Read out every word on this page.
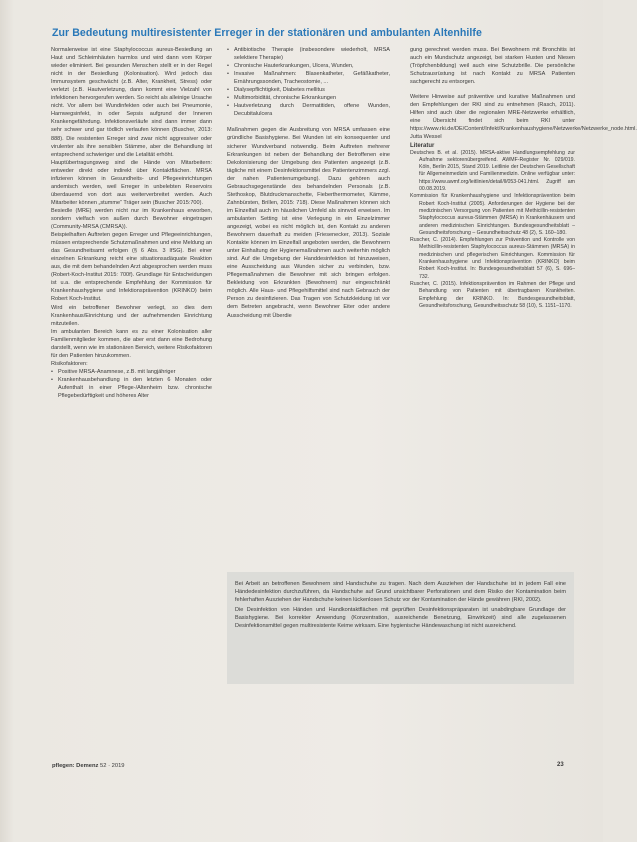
Zur Bedeutung multiresistenter Erreger in der stationären und ambulanten Altenhilfe

Normalerweise ist eine Staphylococcus aureus-Besiedlung an Haut und Schleimhäuten harmlos und wird dann vom Körper wieder eliminiert. Bei gesunden Menschen stellt er in der Regel nicht in der Besiedlung (Kolonisation). Wird jedoch das Immunsystem geschwächt (z.B. Alter, Krankheit, Stress) oder verletzt (z.B. Hautverletzung, dann kommt eine Vielzahl von infektionen hervorgerufen werden. So reicht als alleinige Ursache nicht. Vor allem bei Wundinfekten oder auch bei Pneumonie, Harnwegsinfekt, in oder Sepsis aufgrund der Inneren Krankengefährdung. Infektionsverläufe sind dann immer dann sehr schwer und gar tödlich verlaufen können (Buscher, 2013: 888). Die resistenten Erreger sind zwar nicht aggressiver oder virulenter als ihre sensiblen Stämme, aber die Behandlung ist entsprechend schwieriger und die Letalität erhöht.

Hauptübertragungsweg sind die Hände von Mitarbeitern: entweder direkt oder indirekt über Kontaktflächen. MRSA infizieren können in Gesundheits- und Pflegeeinrichtungen andemisch werden, weil Erreger in unbelebten Reservoirs überdauernd von dort aus weiterverbreitet werden. Auch Mitarbeiter können „stumme“ Träger sein (Buscher 2015:700).

Besiedle (MRE) werden nicht nur im Krankenhaus erworben, sondern vielfach von außen durch Bewohner eingetragen (Community-MRSA (CMRSA)).

Beispielhaften Auftreten gegen Erreger und Pflegeeinrichtungen, müssen entsprechende Schutzmaßnahmen und eine Meldung an das Gesundheitsamt erfolgen (§ 6 Abs. 3 IfSG). Bei einer einzelnen Erkrankung reicht eine situationsadäquate Reaktion aus, die mit dem behandelnden Arzt abgesprochen werden muss (Robert-Koch-Institut 2015: 700f). Grundlage für Entscheidungen ist u.a. die entsprechende Empfehlung der Kommission für Krankenhaushygiene und Infektionsprävention (KRINKO) beim Robert Koch-Institut.

Wird ein betroffener Bewohner verlegt, so dies dem Krankenhaus/Einrichtung und der aufnehmenden Einrichtung mitzuteilen.

Im ambulanten Bereich kann es zu einer Kolonisation aller Familienmitglieder kommen, die aber erst dann eine Bedrohung darstellt, wenn wie im stationären Bereich, weitere Risikofaktoren für den Patienten hinzukommen.

Risikofaktoren:

• Positive MRSA-Anamnese, z.B. mit langjähriger
• Krankenhausbehandlung in den letzten 6 Monaten oder Aufenthalt in einer Pflege-/Altenheim bzw. chronische Pflegebedürftigkeit und höheres Alter
• Antibiotische Therapie (insbesondere wiederholt, MRSA selektiere Therapie)
• Chronische Hauterkrankungen, Ulcera, Wunden,
• Invasive Maßnahmen: Blasenkatheter, Gefäßkatheter, Ernährungssonden, Tracheostomie, ...
• Dialysepflichtigkeit, Diabetes mellitus
• Multimorbidität, chronische Erkrankungen
• Hautverletzung durch Dermatitiden, offene Wunden, Decubitalulcera

Maßnahmen gegen die Ausbreitung von MRSA umfassen eine gründliche Basishygiene. Bei Wunden ist ein konsequenter und sicherer Wundverband notwendig. Beim Auftreten mehrerer Erkrankungen ist neben der Behandlung der Betroffenen eine Dekolonisierung der Umgebung des Patienten angezeigt (z.B. tägliche mit einem Desinfektionsmittel des Patientenzimmers zzgl. der nahen Patientenumgebung). Dazu gehören auch Gebrauchsgegenstände des behandelnden Personals (z.B. Stethoskop, Blutdruckmanschette, Fieberthermometer, Kämme, Zahnbürsten, Brillen, 2015: 718). Diese Maßnahmen können sich im Einzelfall auch im häuslichen Umfeld als sinnvoll erweisen. Im ambulanten Setting ist eine Verlegung in ein Einzelzimmer angezeigt, wobei es nicht möglich ist, den Kontakt zu anderen Bewohnern dauerhaft zu meiden (Friesenecker, 2013). Soziale Kontakte können im Einzelfall angeboten werden, die Bewohnern unter Einhaltung der Hygienemaßnahmen auch weiterhin möglich sind. Auf die Umgebung der Handdesinfektion ist hinzuweisen, eine Ausscheidung aus Wunden sicher zu verbinden, bzw. Pflegemaßnahmen die Bewohner mit sich bringen erfolgen. Bekleidung von Erkrankten (Bewohnern) nur eingeschränkt möglich. Alle Haus- und Pflegehilfsmittel sind nach Gebrauch der Person zu desinfizieren. Das Tragen von Schutzkleidung ist vor dem Betreten angebracht, wenn Bewohner Eiter oder andere Ausscheidung mit Überdie

gung gerechnet werden muss. Bei Bewohnern mit Bronchitis ist auch ein Mundschutz angezeigt, bei starken Husten und Niesen (Tröpfchenbildung) weil auch eine Schutzbrille. Die persönliche Schutzausrüstung ist nach Kontakt zu MRSA Patienten sachgerecht zu entsorgen.

Weitere Hinweise auf präventive und kurative Maßnahmen und den Empfehlungen der RKI sind zu entnehmen (Rasch, 2011). Hilfen sind auch über die regionalen MRE-Netzwerke erhältlich, eine Übersicht findet sich beim RKI unter https://www.rki.de/DE/Content/Infekt/Krankenhaushygiene/Netzwerke/Netzwerke_node.html.

Jutta Wessel

Literatur

Deutsches B. et al. (2015). MRSA-aktive Handlungsempfehlung zur Aufnahme sektorenübergreifend. AWMF-Register Nr. 029/019. Köln, Berlin 2015, Stand 2019. Leitlinie der Deutschen Gesellschaft für Allgemeinmedizin und Familienmedizin. Online verfügbar unter: https://www.awmf.org/leitlinien/detail/ll/053-041.html. Zugriff am 00.08.2019.

Kommission für Krankenhaushygiene und Infektionsprävention beim Robert Koch-Institut (2005). Anforderungen der Hygiene bei der medizinischen Versorgung von Patienten mit Methicillin-resistenten Staphylococcus aureus-Stämmen (MRSA) in Krankenhäusern und anderen medizinischen Einrichtungen. Bundesgesundheitsblatt – Gesundheitsforschung – Gesundheitsschutz 48 (2), S. 160–180.

Ruscher, C. (2014). Empfehlungen zur Prävention und Kontrolle von Methicillin-resistenten Staphylococcus aureus-Stämmen (MRSA) in medizinischen und pflegerischen Einrichtungen. Kommission für Krankenhaushygiene und Infektionsprävention (KRINKO) beim Robert Koch-Institut. In: Bundesgesundheitsblatt 57 (6), S. 696–732.

Ruscher, C. (2015). Infektionsprävention im Rahmen der Pflege und Behandlung von Patienten mit übertragbaren Krankheiten. Empfehlung der KRINKO. In: Bundesgesundheitsblatt, Gesundheitsforschung, Gesundheitsschutz 58 (10), S. 1151–1170.

Bei Arbeit an betroffenen Bewohnern sind Handschuhe zu tragen. Nach dem Ausziehen der Handschuhe ist in jedem Fall eine Händedesinfektion durchzuführen, da Handschuhe auf Grund unsichtbarer Perforationen und dem Risiko der Kontamination beim fehlerhaften Ausziehen der Handschuhe keinen lückenlosen Schutz vor der Kontamination der Hände gewähren (RKI, 2002).

Die Desinfektion von Händen und Handkontaktflächen mit geprüften Desinfektionspräparaten ist unabdingbare Grundlage der Basishygiene. Bei korrekter Anwendung (Konzentration, ausreichende Benetzung, Einwirkzeit) sind alle zugelassenen Desinfektionsmittel gegen multiresistente Keime wirksam. Eine hygienische Händewaschung ist nicht ausreichend.

pflegen: Demenz 52 · 2019	23
